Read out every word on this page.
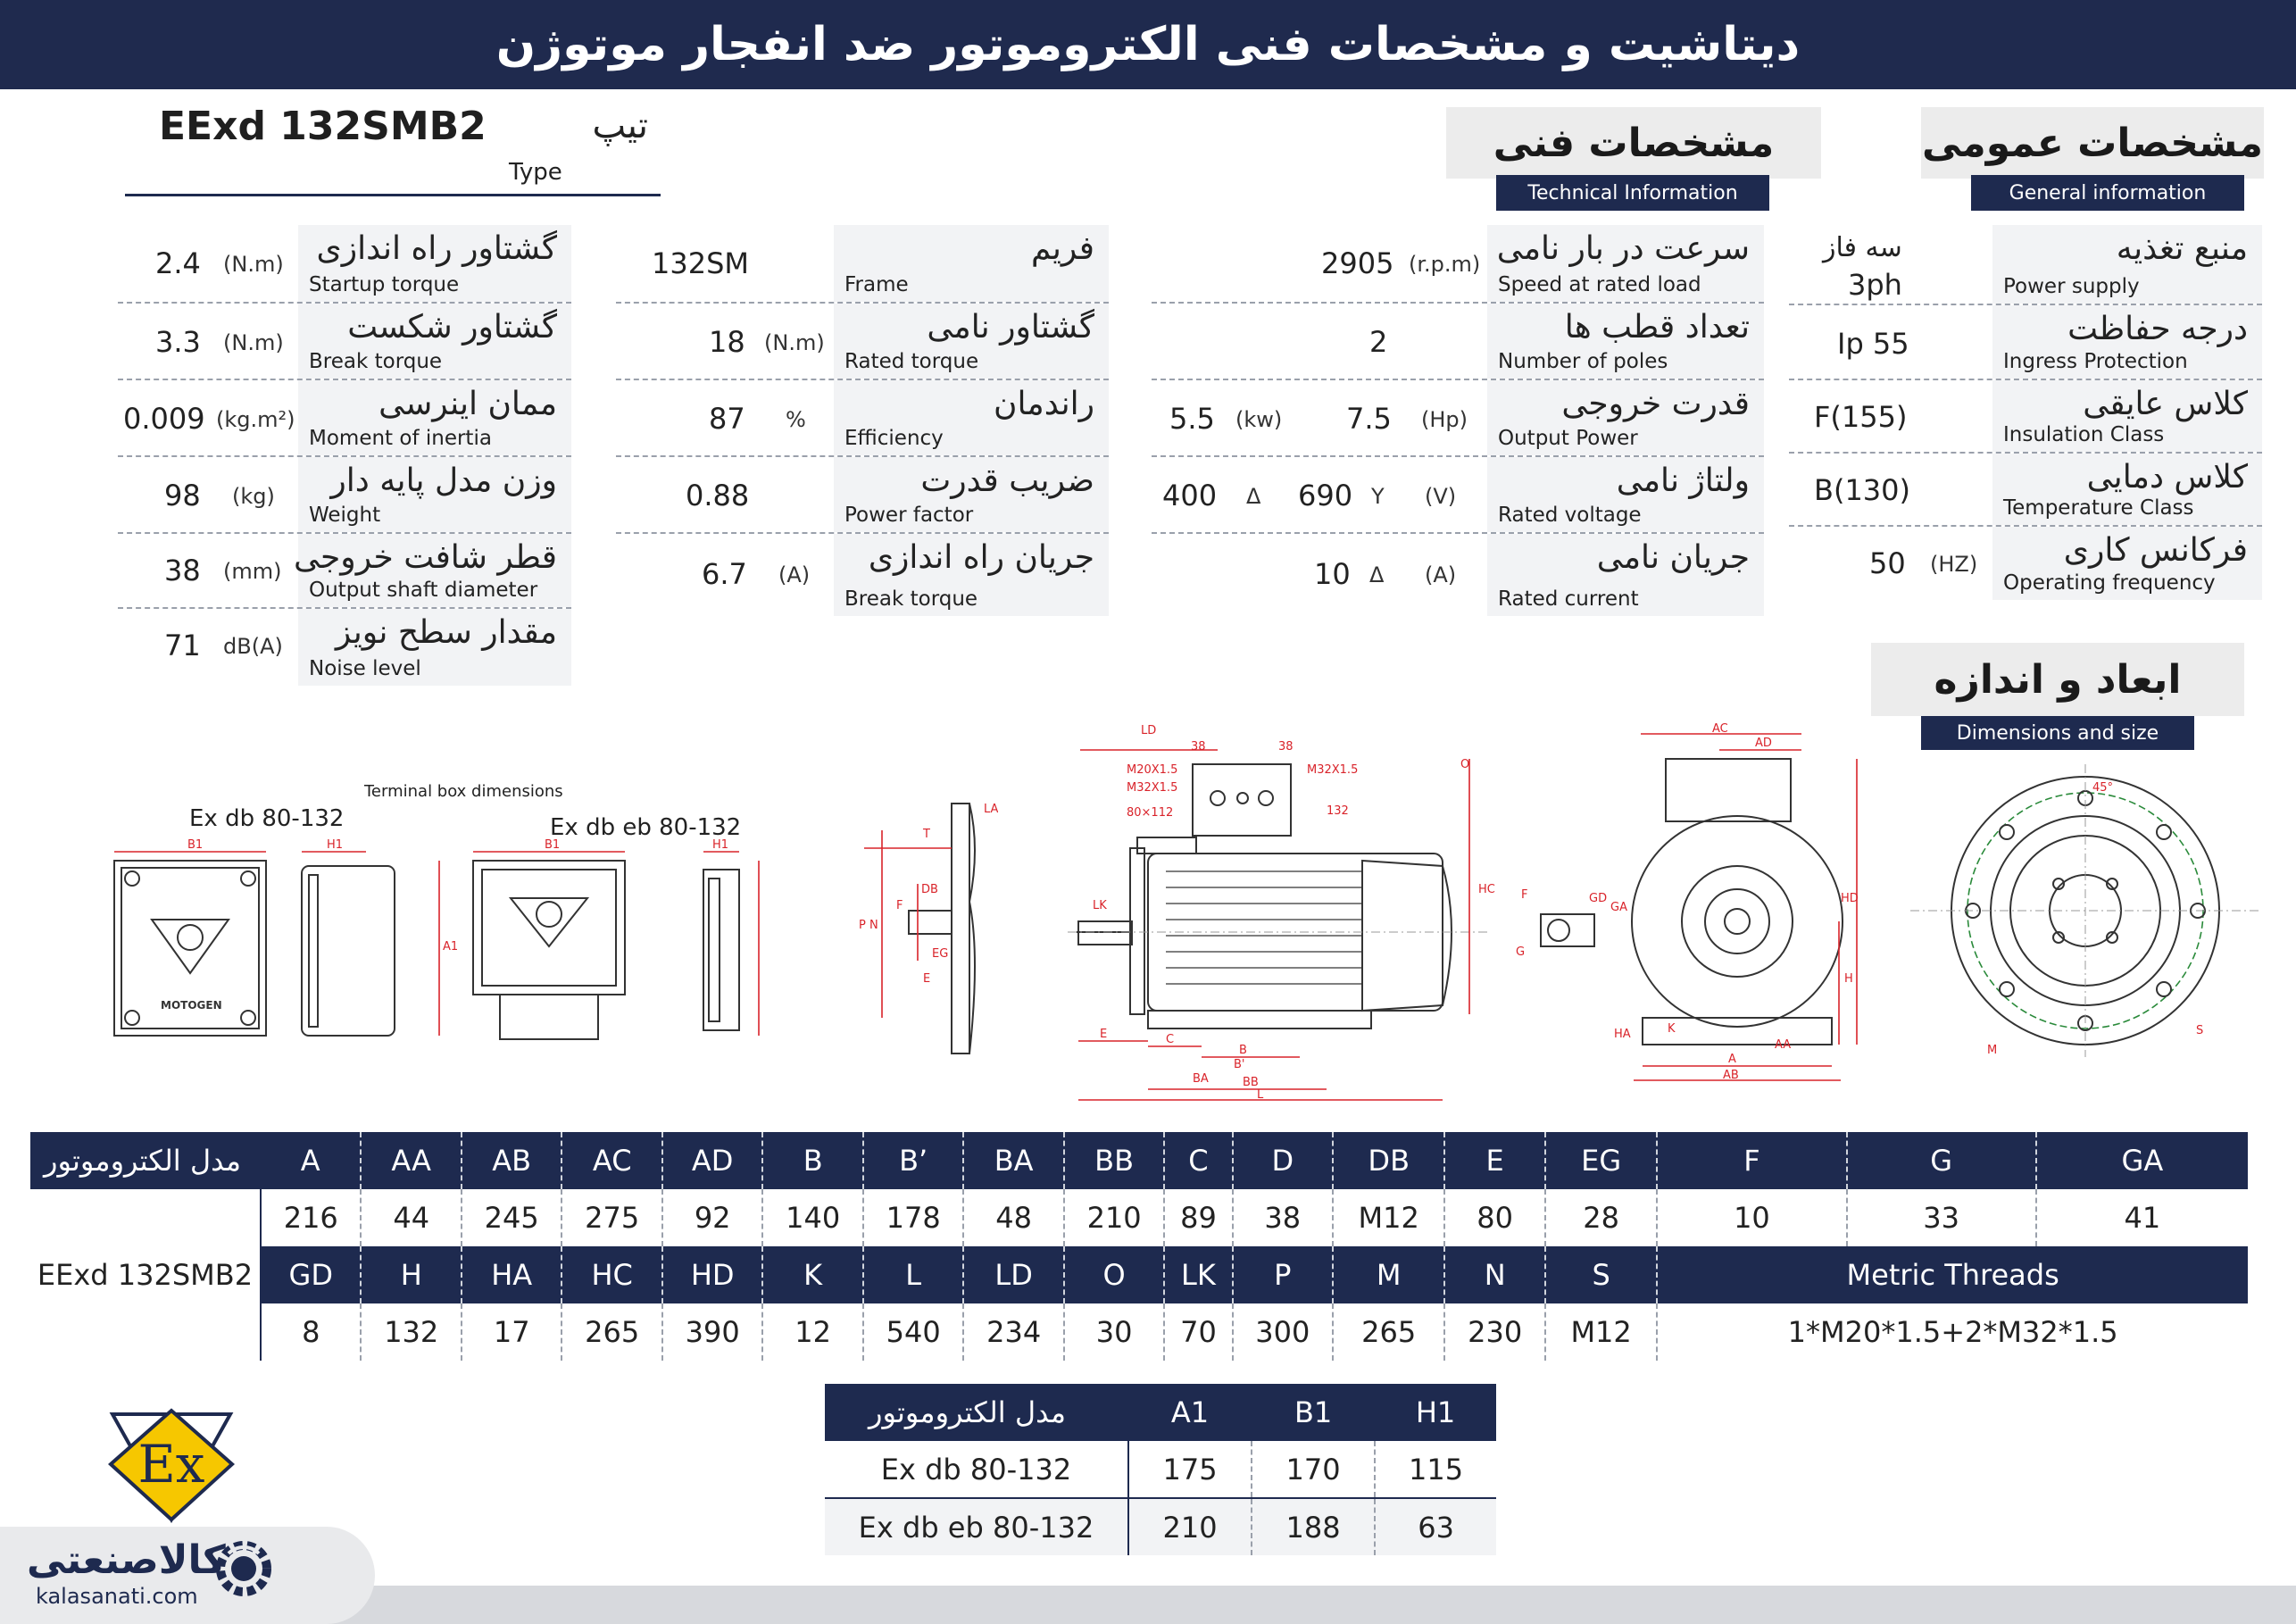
دیتاشیت و مشخصات فنی الکتروموتور ضد انفجار موتوژن
EExd 132SMB2	تیپ
Type
مشخصات عمومی
General information
مشخصات فنی
Technical Information
منبع تغذیه
Power supply
سه فاز
3ph
درجه حفاظت
Ingress Protection
Ip 55
کلاس عایقی
Insulation Class
F(155)
کلاس دمایی
Temperature Class
B(130)
فرکانس کاری
Operating frequency
50 (HZ)
سرعت در بار نامی
Speed at rated load
2905 (r.p.m)
تعداد قطب ها
Number of poles
2
قدرت خروجی
Output Power
5.5 (kw) 7.5 (Hp)
ولتاژ نامی
Rated voltage
400 Δ 690 Y (V)
جریان نامی
Rated current
10 Δ (A)
فریم
Frame
132SM
گشتاور نامی
Rated torque
18 (N.m)
راندمان
Efficiency
87 %
ضریب قدرت
Power factor
0.88
جریان راه اندازی
Break torque
6.7 (A)
گشتاور راه اندازی
Startup torque
2.4 (N.m)
گشتاور شکست
Break torque
3.3 (N.m)
ممان اینرسی
Moment of inertia
0.009 (kg.m²)
وزن مدل پایه دار
Weight
98 (kg)
قطر شافت خروجی
Output shaft diameter
38 (mm)
مقدار سطح نویز
Noise level
71 dB(A)
ابعاد و اندازه
Dimensions and size
Terminal box dimensions
Ex db 80-132	Ex db eb 80-132
MOTOGEN
B1	H1
A1
B1	H1
LA
T
DB
F
P N
EG
E
LD
38	38
M20X1.5
M32X1.5
M32X1.5
80×112	132
HC
O
LK
E	C
B
B'
BA	BB
L
AC
AD
HD
H
HA	K
A
AA
AB
F	GD
GA
G
45°
M
S
مدل الکتروموتور	A	AA	AB	AC	AD	B	B’	BA	BB	C	D	DB	E	EG	F	G	GA
EExd 132SMB2	216	44	245	275	92	140	178	48	210	89	38	M12	80	28	10	33	41
	GD	H	HA	HC	HD	K	L	LD	O	LK	P	M	N	S	Metric Threads		
	8	132	17	265	390	12	540	234	30	70	300	265	230	M12	1*M20*1.5+2*M32*1.5		
مدل الکتروموتور	A1	B1	H1
Ex db 80-132	175	170	115
Ex db eb 80-132	210	188	63
Ex
کالاصنعتی
kalasanati.com
